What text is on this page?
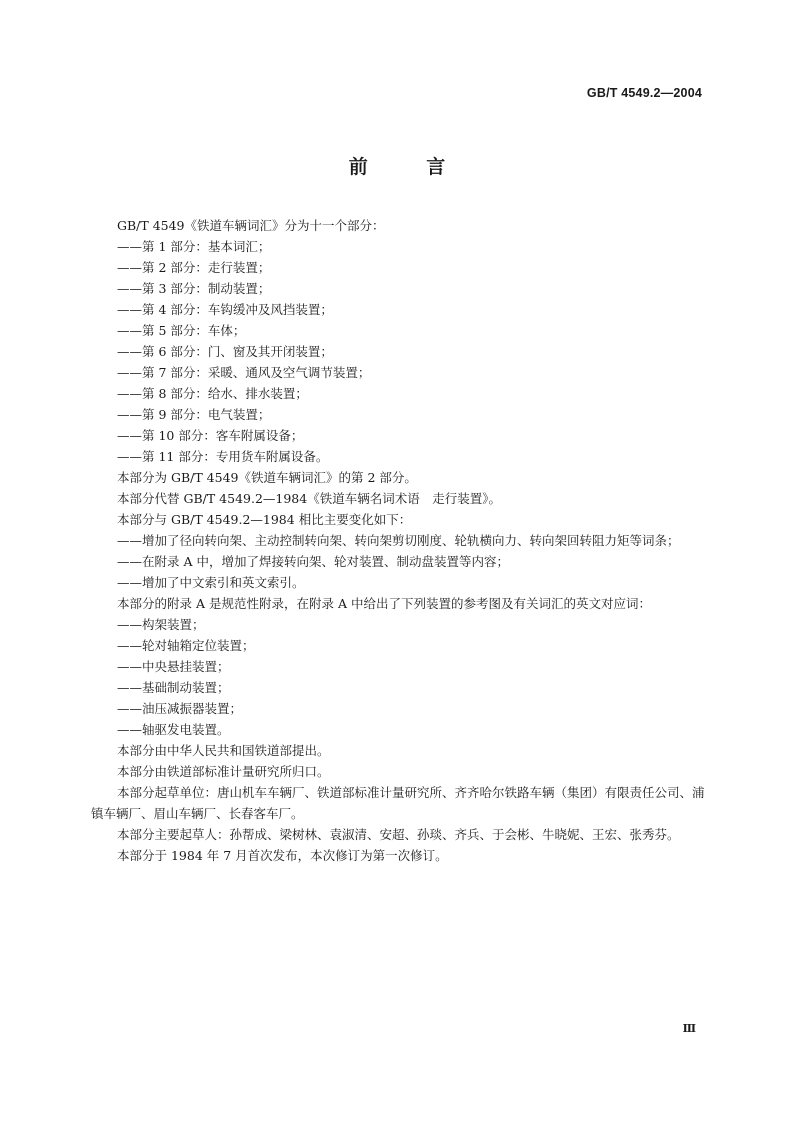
GB/T 4549.2—2004
前 言
GB/T 4549《铁道车辆词汇》分为十一个部分：
——第 1 部分：基本词汇；
——第 2 部分：走行装置；
——第 3 部分：制动装置；
——第 4 部分：车钩缓冲及风挡装置；
——第 5 部分：车体；
——第 6 部分：门、窗及其开闭装置；
——第 7 部分：采暖、通风及空气调节装置；
——第 8 部分：给水、排水装置；
——第 9 部分：电气装置；
——第 10 部分：客车附属设备；
——第 11 部分：专用货车附属设备。
本部分为 GB/T 4549《铁道车辆词汇》的第 2 部分。
本部分代替 GB/T 4549.2—1984《铁道车辆名词术语　走行装置》。
本部分与 GB/T 4549.2—1984 相比主要变化如下：
——增加了径向转向架、主动控制转向架、转向架剪切刚度、轮轨横向力、转向架回转阻力矩等词条；
——在附录 A 中，增加了焊接转向架、轮对装置、制动盘装置等内容；
——增加了中文索引和英文索引。
本部分的附录 A 是规范性附录，在附录 A 中给出了下列装置的参考图及有关词汇的英文对应词：
——构架装置；
——轮对轴箱定位装置；
——中央悬挂装置；
——基础制动装置；
——油压减振器装置；
——轴驱发电装置。
本部分由中华人民共和国铁道部提出。
本部分由铁道部标准计量研究所归口。
本部分起草单位：唐山机车车辆厂、铁道部标准计量研究所、齐齐哈尔铁路车辆（集团）有限责任公司、浦镇车辆厂、眉山车辆厂、长春客车厂。
本部分主要起草人：孙帮成、梁树林、袁淑清、安超、孙琰、齐兵、于会彬、牛晓妮、王宏、张秀芬。
本部分于 1984 年 7 月首次发布，本次修订为第一次修订。
Ⅲ
